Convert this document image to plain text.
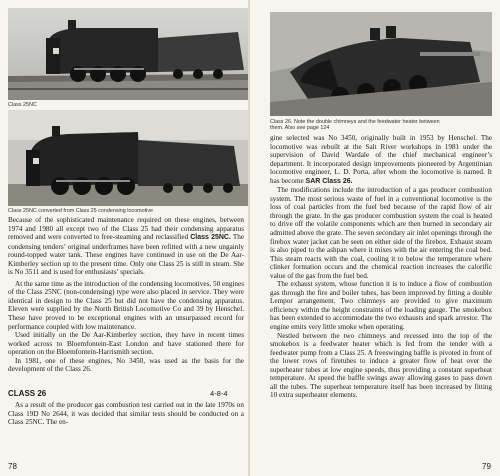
Class 25NC
Class 25NC converted from Class 25 condensing locomotive

Because of the sophisticated maintenance required on these engines, between 1974 and 1980 all except two of the Class 25 had their condensing apparatus removed and were converted to free-steaming and reclassified Class 25NC. The condensing tenders’ original underframes have been refitted with a new ungainly round-topped water tank. These engines have continued in use on the De Aar-Kimberley section up to the present time. Only one Class 25 is still in steam. She is No 3511 and is used for enthusiasts’ specials.

At the same time as the introduction of the condensing locomotives, 50 engines of the Class 25NC (non-condensing) type were also placed in service. They were identical in design to the Class 25 but did not have the condensing apparatus. Eleven were supplied by the North British Locomotive Co and 39 by Henschel. These have proved to be exceptional engines with an unsurpassed record for performance coupled with low maintenance.

Used initially on the De Aar-Kimberley section, they have in recent times worked across to Bloemfontein-East London and have stationed there for operation on the Bloemfontein-Harrismith section.

In 1981, one of these engines, No 3450, was used as the basis for the development of the Class 26.

CLASS 26	4-8-4

As a result of the producer gas combustion test carried out in the late 1970s on Class 19D No 2644, it was decided that similar tests should be conducted on a Class 25NC. The en-

78
Class 26. Note the double chimneys and the feedwater heater between them. Also see page 124

gine selected was No 3450, originally built in 1953 by Henschel. The locomotive was rebuilt at the Salt River workshops in 1981 under the supervision of David Wardale of the chief mechanical engineer’s department. It incorporated design improvements pioneered by Argentinian locomotive engineer, L. D. Porta, after whom the locomotive is named. It has become SAR Class 26.

The modifications include the introduction of a gas producer combustion system. The most serious waste of fuel in a conventional locomotive is the loss of coal particles from the fuel bed because of the rapid flow of air through the grate. In the gas producer combustion system the coal is heated to drive off the volatile components which are then burned in secondary air admitted above the grate. The seven secondary air inlet openings through the firebox water jacket can be seen on either side of the firebox. Exhaust steam is also piped to the ashpan where it mixes with the air entering the coal bed. This steam reacts with the coal, cooling it to below the temperature where clinker formation occurs and the chemical reaction increases the calorific value of the gas from the fuel bed.

The exhaust system, whose function it is to induce a flow of combustion gas through the fire and boiler tubes, has been improved by fitting a double Lempor arrangement. Two chimneys are provided to give maximum efficiency within the height constraints of the loading gauge. The smokebox has been extended to accommodate the two exhausts and spark arrestor. The engine emits very little smoke when operating.

Nestled between the two chimneys and recessed into the top of the smokebox is a feedwater heater which is fed from the tender with a feedwater pump from a Class 25. A freeswinging baffle is pivoted in front of the lower rows of firetubes to induce a greater flow of heat over the superheater tubes at low engine speeds, thus providing a constant superheat temperature. At speed the baffle swings away allowing gases to pass down all the tubes. The superheat temperature itself has been increased by fitting 10 extra superheater elements.

79
